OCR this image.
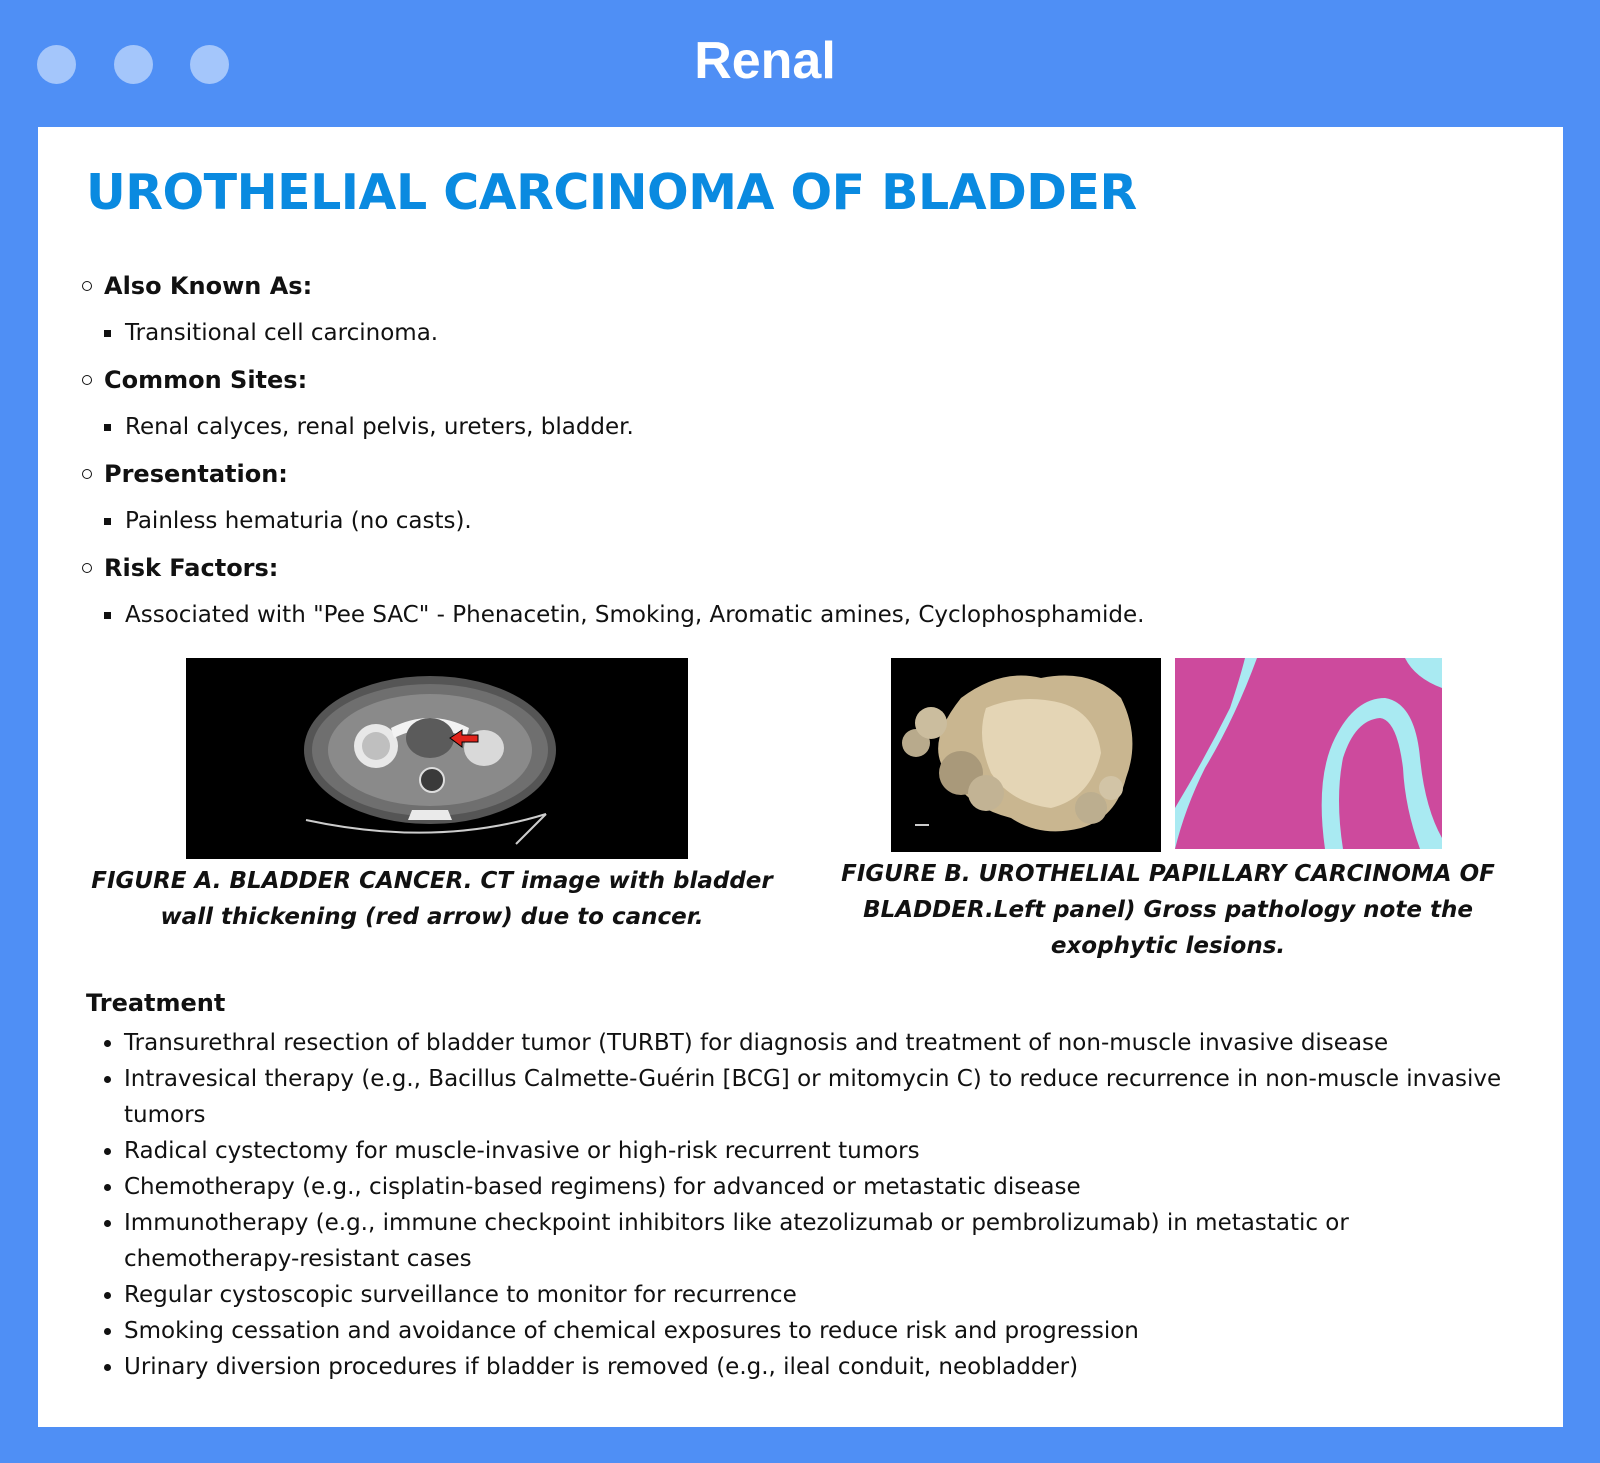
Renal
UROTHELIAL CARCINOMA OF BLADDER
Also Known As:
Transitional cell carcinoma.
Common Sites:
Renal calyces, renal pelvis, ureters, bladder.
Presentation:
Painless hematuria (no casts).
Risk Factors:
Associated with "Pee SAC" - Phenacetin, Smoking, Aromatic amines, Cyclophosphamide.
FIGURE A. BLADDER CANCER. CT image with bladder wall thickening (red arrow) due to cancer.
FIGURE B. UROTHELIAL PAPILLARY CARCINOMA OF BLADDER.Left panel) Gross pathology note the exophytic lesions.
Treatment
Transurethral resection of bladder tumor (TURBT) for diagnosis and treatment of non-muscle invasive disease
Intravesical therapy (e.g., Bacillus Calmette-Guérin [BCG] or mitomycin C) to reduce recurrence in non-muscle invasive tumors
Radical cystectomy for muscle-invasive or high-risk recurrent tumors
Chemotherapy (e.g., cisplatin-based regimens) for advanced or metastatic disease
Immunotherapy (e.g., immune checkpoint inhibitors like atezolizumab or pembrolizumab) in metastatic or chemotherapy-resistant cases
Regular cystoscopic surveillance to monitor for recurrence
Smoking cessation and avoidance of chemical exposures to reduce risk and progression
Urinary diversion procedures if bladder is removed (e.g., ileal conduit, neobladder)
